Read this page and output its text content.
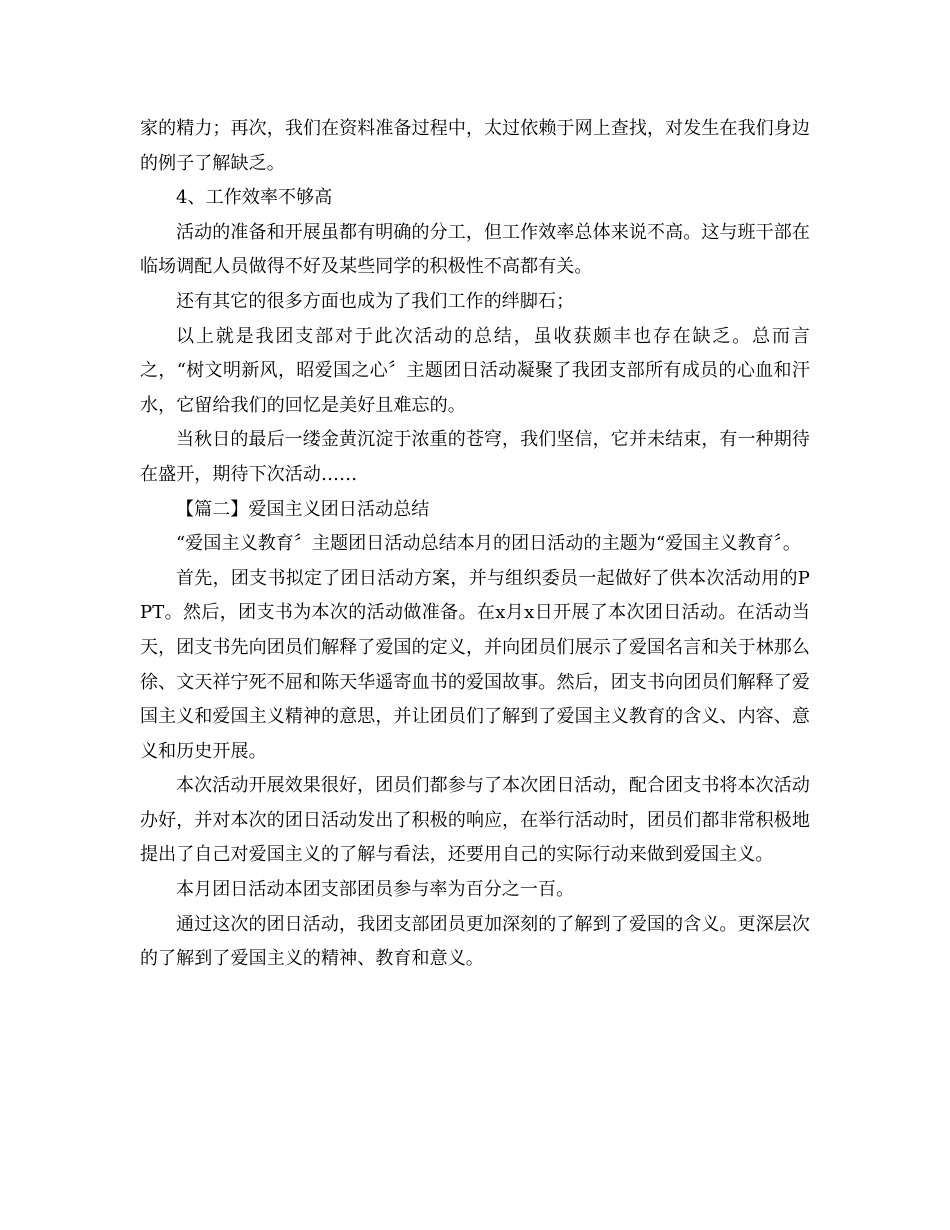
家的精力；再次，我们在资料准备过程中，太过依赖于网上查找，对发生在我们身边的例子了解缺乏。

4、工作效率不够高

活动的准备和开展虽都有明确的分工，但工作效率总体来说不高。这与班干部在临场调配人员做得不好及某些同学的积极性不高都有关。

还有其它的很多方面也成为了我们工作的绊脚石；

以上就是我团支部对于此次活动的总结，虽收获颇丰也存在缺乏。总而言之，“树文明新风，昭爱国之心〞主题团日活动凝聚了我团支部所有成员的心血和汗水，它留给我们的回忆是美好且难忘的。

当秋日的最后一缕金黄沉淀于浓重的苍穹，我们坚信，它并未结束，有一种期待在盛开，期待下次活动……

【篇二】爱国主义团日活动总结

“爱国主义教育〞主题团日活动总结本月的团日活动的主题为“爱国主义教育〞。

首先，团支书拟定了团日活动方案，并与组织委员一起做好了供本次活动用的PPT。然后，团支书为本次的活动做准备。在x月x日开展了本次团日活动。在活动当天，团支书先向团员们解释了爱国的定义，并向团员们展示了爱国名言和关于林那么徐、文天祥宁死不屈和陈天华遥寄血书的爱国故事。然后，团支书向团员们解释了爱国主义和爱国主义精神的意思，并让团员们了解到了爱国主义教育的含义、内容、意义和历史开展。

本次活动开展效果很好，团员们都参与了本次团日活动，配合团支书将本次活动办好，并对本次的团日活动发出了积极的响应，在举行活动时，团员们都非常积极地提出了自己对爱国主义的了解与看法，还要用自己的实际行动来做到爱国主义。

本月团日活动本团支部团员参与率为百分之一百。

通过这次的团日活动，我团支部团员更加深刻的了解到了爱国的含义。更深层次的了解到了爱国主义的精神、教育和意义。
